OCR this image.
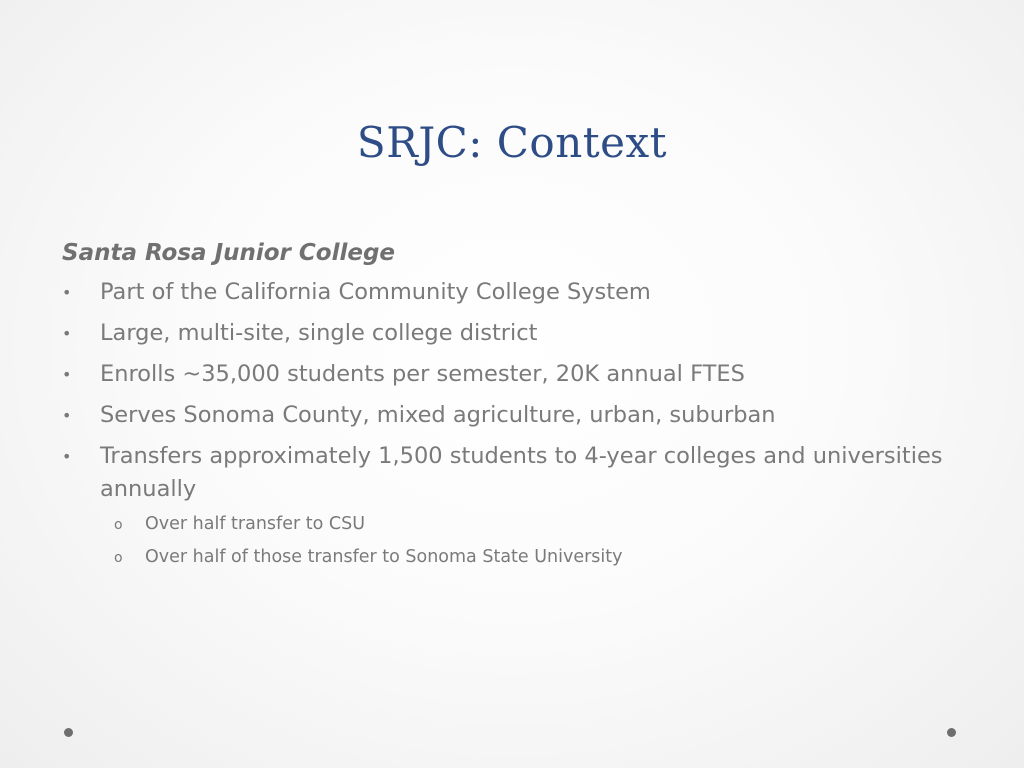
SRJC: Context
Santa Rosa Junior College
• Part of the California Community College System
• Large, multi-site, single college district
• Enrolls ~35,000 students per semester, 20K annual FTES
• Serves Sonoma County, mixed agriculture, urban, suburban
• Transfers approximately 1,500 students to 4-year colleges and universities annually
o Over half transfer to CSU
o Over half of those transfer to Sonoma State University
